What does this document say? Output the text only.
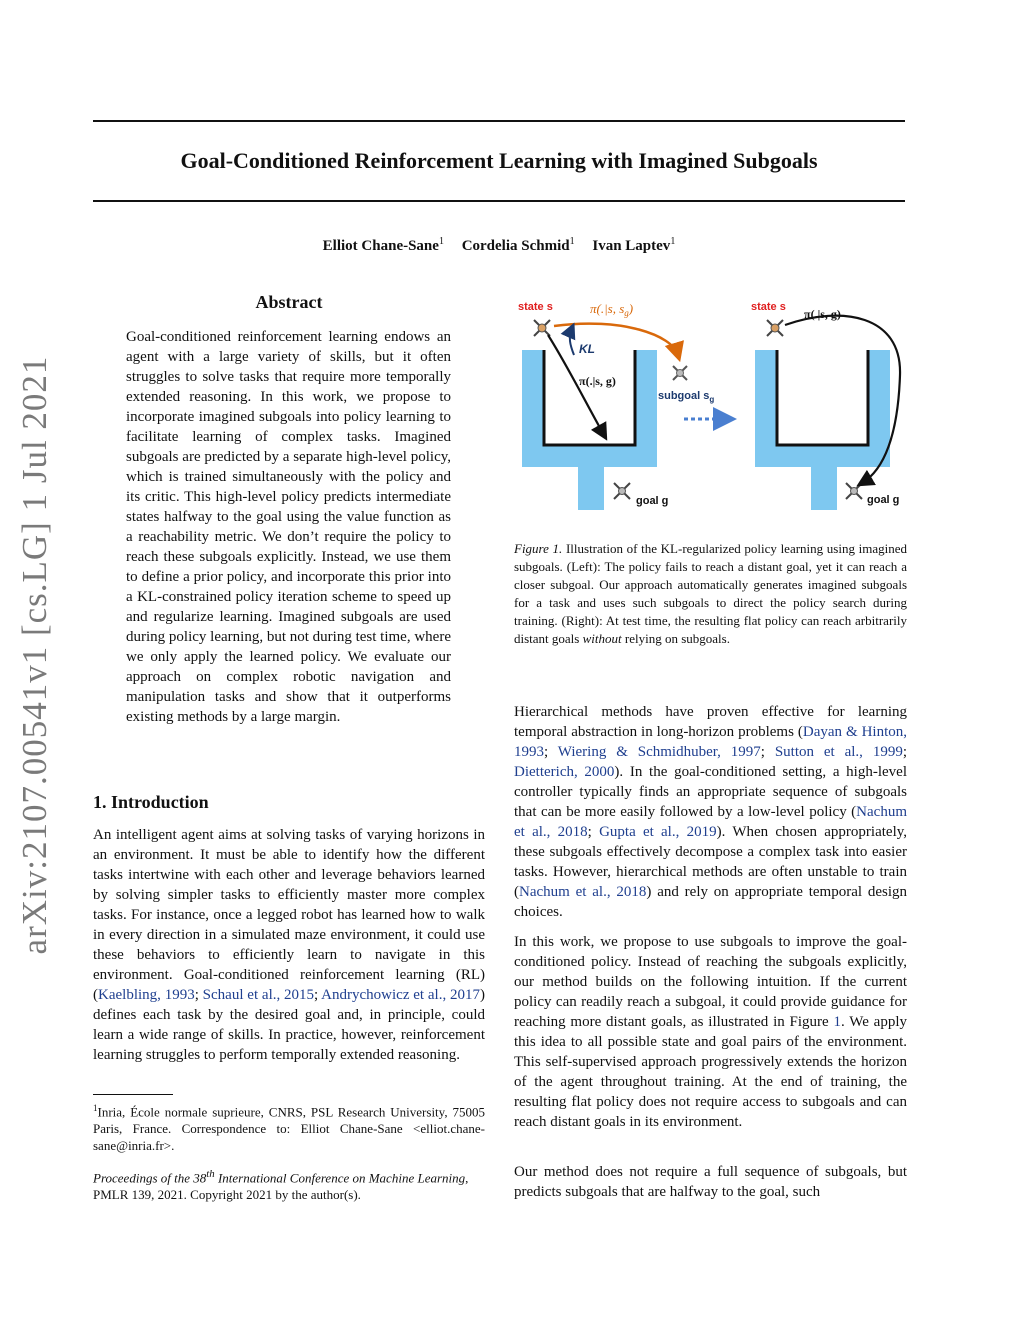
Goal-Conditioned Reinforcement Learning with Imagined Subgoals
Elliot Chane-Sane$^1$ Cordelia Schmid$^1$ Ivan Laptev$^1$
arXiv:2107.00541v1 [cs.LG] 1 Jul 2021
Abstract

Goal-conditioned reinforcement learning endows an agent with a large variety of skills, but it often struggles to solve tasks that require more temporally extended reasoning. In this work, we propose to incorporate imagined subgoals into policy learning to facilitate learning of complex tasks. Imagined subgoals are predicted by a separate high-level policy, which is trained simultaneously with the policy and its critic. This high-level policy predicts intermediate states halfway to the goal using the value function as a reachability metric. We don’t require the policy to reach these subgoals explicitly. Instead, we use them to define a prior policy, and incorporate this prior into a KL-constrained policy iteration scheme to speed up and regularize learning. Imagined subgoals are used during policy learning, but not during test time, where we only apply the learned policy. We evaluate our approach on complex robotic navigation and manipulation tasks and show that it outperforms existing methods by a large margin.

1. Introduction

An intelligent agent aims at solving tasks of varying horizons in an environment. It must be able to identify how the different tasks intertwine with each other and leverage behaviors learned by solving simpler tasks to efficiently master more complex tasks. For instance, once a legged robot has learned how to walk in every direction in a simulated maze environment, it could use these behaviors to efficiently learn to navigate in this environment. Goal-conditioned reinforcement learning (RL) (Kaelbling, 1993; Schaul et al., 2015; Andrychowicz et al., 2017) defines each task by the desired goal and, in principle, could learn a wide range of skills. In practice, however, reinforcement learning struggles to perform temporally extended reasoning.

$^1$Inria, École normale suprieure, CNRS, PSL Research University, 75005 Paris, France. Correspondence to: Elliot Chane-Sane <elliot.chane-sane@inria.fr>.

Proceedings of the 38th International Conference on Machine Learning, PMLR 139, 2021. Copyright 2021 by the author(s).

state s	state s
π(.|s, $s_g$)
KL
π(.|s, g)
π(.|s, g)
subgoal $s_g$
goal g	goal g

Figure 1. Illustration of the KL-regularized policy learning using imagined subgoals. (Left): The policy fails to reach a distant goal, yet it can reach a closer subgoal. Our approach automatically generates imagined subgoals for a task and uses such subgoals to direct the policy search during training. (Right): At test time, the resulting flat policy can reach arbitrarily distant goals without relying on subgoals.

Hierarchical methods have proven effective for learning temporal abstraction in long-horizon problems (Dayan & Hinton, 1993; Wiering & Schmidhuber, 1997; Sutton et al., 1999; Dietterich, 2000). In the goal-conditioned setting, a high-level controller typically finds an appropriate sequence of subgoals that can be more easily followed by a low-level policy (Nachum et al., 2018; Gupta et al., 2019). When chosen appropriately, these subgoals effectively decompose a complex task into easier tasks. However, hierarchical methods are often unstable to train (Nachum et al., 2018) and rely on appropriate temporal design choices.

In this work, we propose to use subgoals to improve the goal-conditioned policy. Instead of reaching the subgoals explicitly, our method builds on the following intuition. If the current policy can readily reach a subgoal, it could provide guidance for reaching more distant goals, as illustrated in Figure 1. We apply this idea to all possible state and goal pairs of the environment. This self-supervised approach progressively extends the horizon of the agent throughout training. At the end of training, the resulting flat policy does not require access to subgoals and can reach distant goals in its environment.

Our method does not require a full sequence of subgoals, but predicts subgoals that are halfway to the goal, such
